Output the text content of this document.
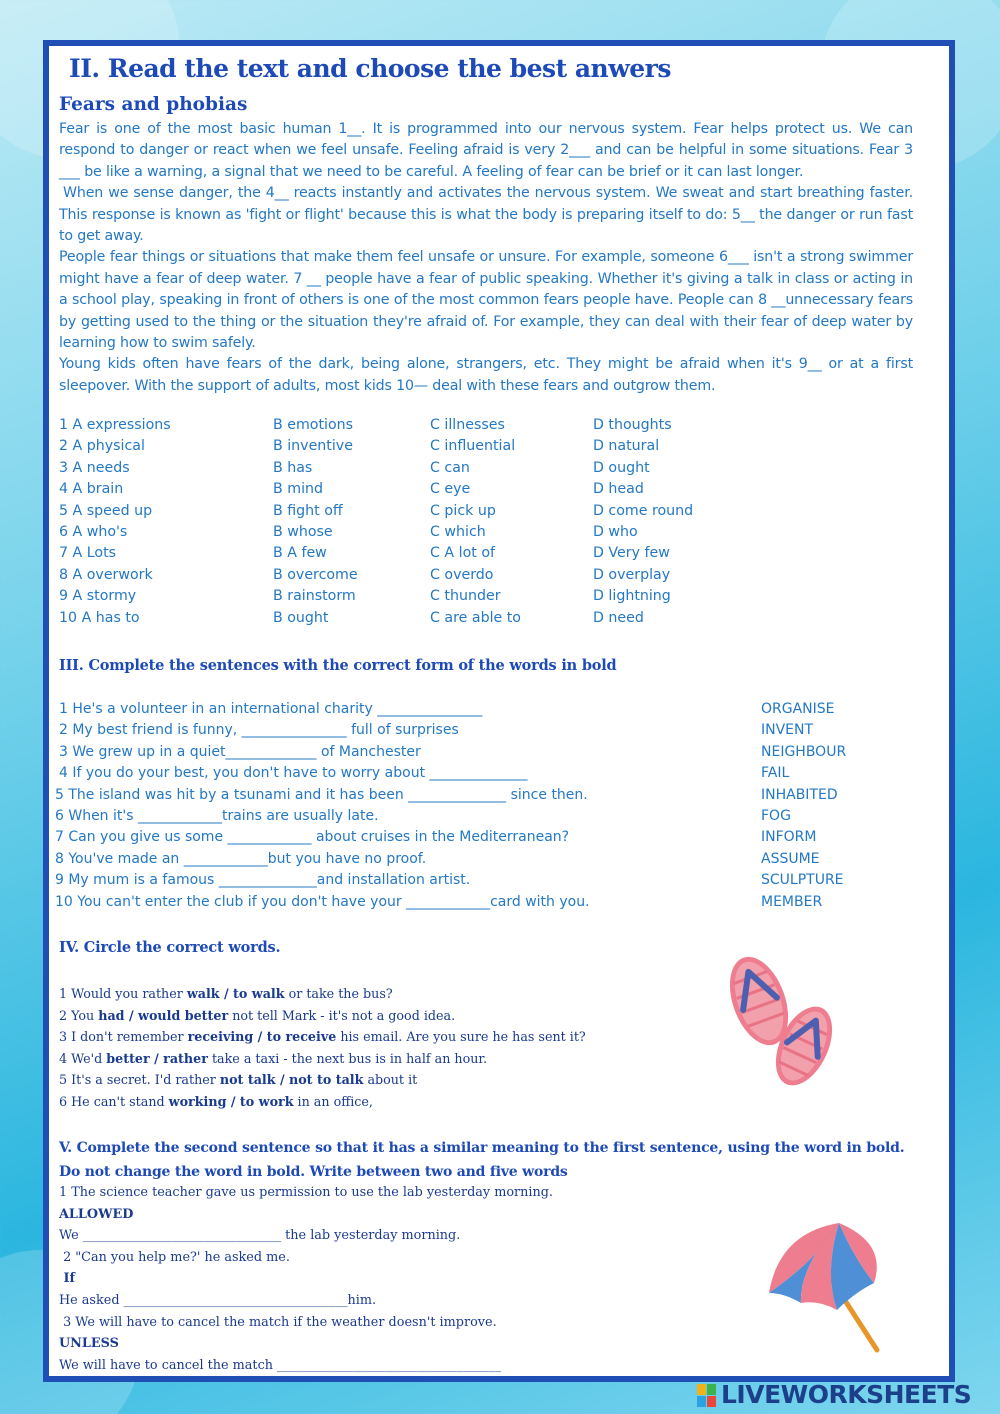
II. Read the text and choose the best anwers
Fears and phobias

Fear is one of the most basic human 1__. It is programmed into our nervous system. Fear helps protect us. We can respond to danger or react when we feel unsafe. Feeling afraid is very 2___ and can be helpful in some situations. Fear 3 ___ be like a warning, a signal that we need to be careful. A feeling of fear can be brief or it can last longer.

When we sense danger, the 4__ reacts instantly and activates the nervous system. We sweat and start breathing faster. This response is known as 'fight or flight' because this is what the body is preparing itself to do: 5__ the danger or run fast to get away.

People fear things or situations that make them feel unsafe or unsure. For example, someone 6___ isn't a strong swimmer might have a fear of deep water. 7 __ people have a fear of public speaking. Whether it's giving a talk in class or acting in a school play, speaking in front of others is one of the most common fears people have. People can 8 __unnecessary fears by getting used to the thing or the situation they're afraid of. For example, they can deal with their fear of deep water by learning how to swim safely.

Young kids often have fears of the dark, being alone, strangers, etc. They might be afraid when it's 9__ or at a first sleepover. With the support of adults, most kids 10— deal with these fears and outgrow them.

1 A expressions	B emotions	C illnesses	D thoughts
2 A physical	B inventive	C influential	D natural
3 A needs	B has	C can	D ought
4 A brain	B mind	C eye	D head
5 A speed up	B fight off	C pick up	D come round
6 A who's	B whose	C which	D who
7 A Lots	B A few	C A lot of	D Very few
8 A overwork	B overcome	C overdo	D overplay
9 A stormy	B rainstorm	C thunder	D lightning
10 A has to	B ought	C are able to	D need
III. Complete the sentences with the correct form of the words in bold
1 He's a volunteer in an international charity _______________	ORGANISE
2 My best friend is funny, _______________ full of surprises	INVENT
3 We grew up in a quiet_____________ of Manchester	NEIGHBOUR
4 If you do your best, you don't have to worry about ______________	FAIL
5 The island was hit by a tsunami and it has been ______________ since then.	INHABITED
6 When it's ____________trains are usually late.	FOG
7 Can you give us some ____________ about cruises in the Mediterranean?	INFORM
8 You've made an ____________but you have no proof.	ASSUME
9 My mum is a famous ______________and installation artist.	SCULPTURE
10 You can't enter the club if you don't have your ____________card with you.	MEMBER
IV. Circle the correct words.
1 Would you rather walk / to walk or take the bus?
2 You had / would better not tell Mark - it's not a good idea.
3 I don't remember receiving / to receive his email. Are you sure he has sent it?
4 We'd better / rather take a taxi - the next bus is in half an hour.
5 It's a secret. I'd rather not talk / not to talk about it
6 He can't stand working / to work in an office,
V. Complete the second sentence so that it has a similar meaning to the first sentence, using the word in bold. Do not change the word in bold. Write between two and five words
1 The science teacher gave us permission to use the lab yesterday morning.
ALLOWED
We _______________________________ the lab yesterday morning.
2 "Can you help me?' he asked me.
If
He asked ___________________________________him.
3 We will have to cancel the match if the weather doesn't improve.
UNLESS
We will have to cancel the match ___________________________________
LIVEWORKSHEETS
